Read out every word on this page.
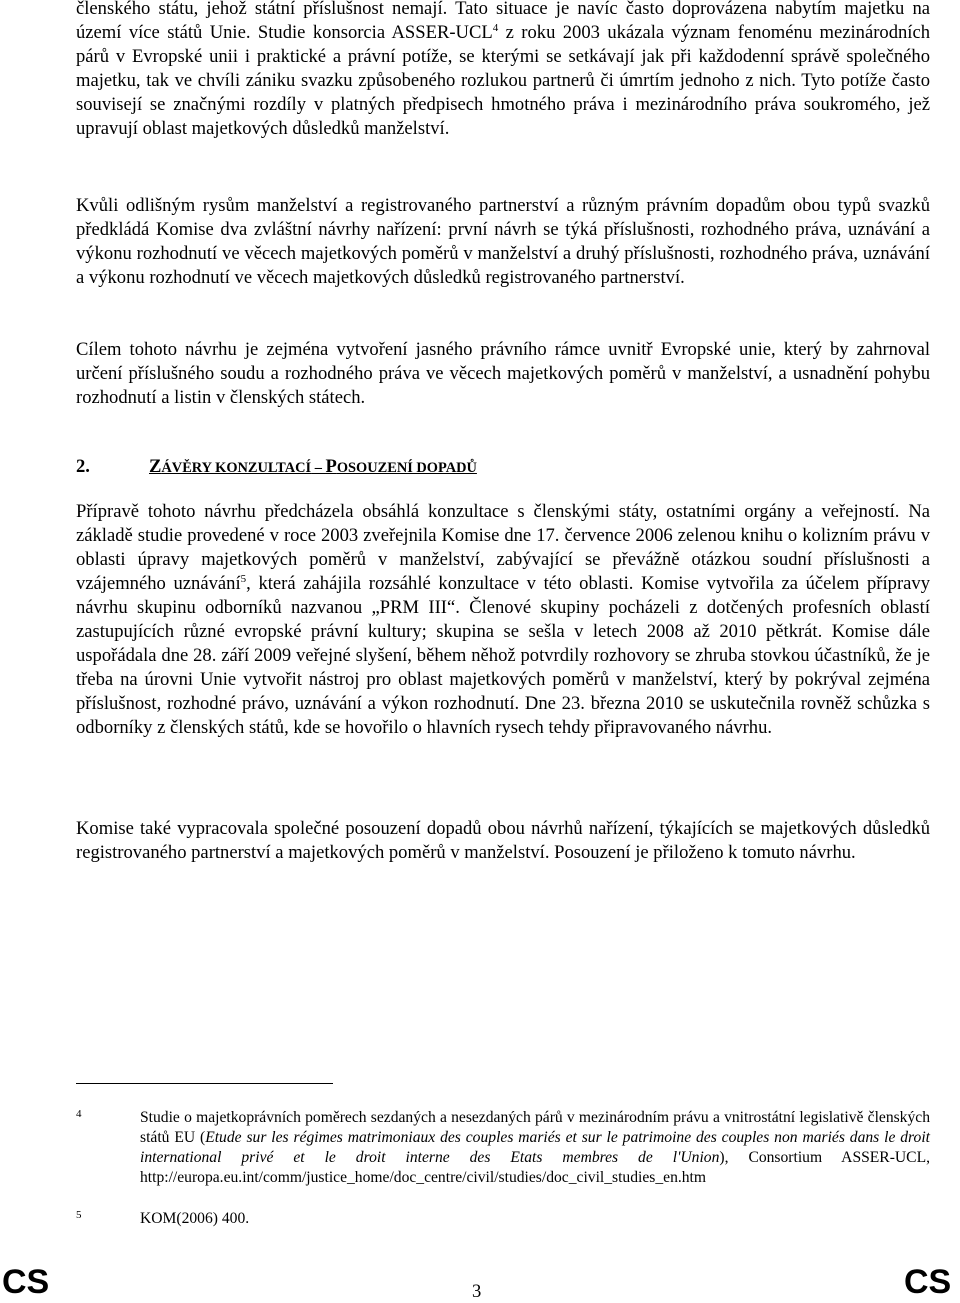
členského státu, jehož státní příslušnost nemají. Tato situace je navíc často doprovázena nabytím majetku na území více států Unie. Studie konsorcia ASSER-UCL$^4$ z roku 2003 ukázala význam fenoménu mezinárodních párů v Evropské unii i praktické a právní potíže, se kterými se setkávají jak při každodenní správě společného majetku, tak ve chvíli zániku svazku způsobeného rozlukou partnerů či úmrtím jednoho z nich. Tyto potíže často souvisejí se značnými rozdíly v platných předpisech hmotného práva i mezinárodního práva soukromého, jež upravují oblast majetkových důsledků manželství.

Kvůli odlišným rysům manželství a registrovaného partnerství a různým právním dopadům obou typů svazků předkládá Komise dva zvláštní návrhy nařízení: první návrh se týká příslušnosti, rozhodného práva, uznávání a výkonu rozhodnutí ve věcech majetkových poměrů v manželství a druhý příslušnosti, rozhodného práva, uznávání a výkonu rozhodnutí ve věcech majetkových důsledků registrovaného partnerství.

Cílem tohoto návrhu je zejména vytvoření jasného právního rámce uvnitř Evropské unie, který by zahrnoval určení příslušného soudu a rozhodného práva ve věcech majetkových poměrů v manželství, a usnadnění pohybu rozhodnutí a listin v členských státech.

2.	ZÁVĚRY KONZULTACÍ – POSOUZENÍ DOPADŮ

Přípravě tohoto návrhu předcházela obsáhlá konzultace s členskými státy, ostatními orgány a veřejností. Na základě studie provedené v roce 2003 zveřejnila Komise dne 17. července 2006 zelenou knihu o kolizním právu v oblasti úpravy majetkových poměrů v manželství, zabývající se převážně otázkou soudní příslušnosti a vzájemného uznávání$^5$, která zahájila rozsáhlé konzultace v této oblasti. Komise vytvořila za účelem přípravy návrhu skupinu odborníků nazvanou „PRM III“. Členové skupiny pocházeli z dotčených profesních oblastí zastupujících různé evropské právní kultury; skupina se sešla v letech 2008 až 2010 pětkrát. Komise dále uspořádala dne 28. září 2009 veřejné slyšení, během něhož potvrdily rozhovory se zhruba stovkou účastníků, že je třeba na úrovni Unie vytvořit nástroj pro oblast majetkových poměrů v manželství, který by pokrýval zejména příslušnost, rozhodné právo, uznávání a výkon rozhodnutí. Dne 23. března 2010 se uskutečnila rovněž schůzka s odborníky z členských států, kde se hovořilo o hlavních rysech tehdy připravovaného návrhu.

Komise také vypracovala společné posouzení dopadů obou návrhů nařízení, týkajících se majetkových důsledků registrovaného partnerství a majetkových poměrů v manželství. Posouzení je přiloženo k tomuto návrhu.

4	Studie o majetkoprávních poměrech sezdaných a nesezdaných párů v mezinárodním právu a vnitrostátní legislativě členských států EU (Etude sur les régimes matrimoniaux des couples mariés et sur le patrimoine des couples non mariés dans le droit international privé et le droit interne des Etats membres de l'Union), Consortium ASSER-UCL, http://europa.eu.int/comm/justice_home/doc_centre/civil/studies/doc_civil_studies_en.htm
5	KOM(2006) 400.
CS	3	CS
